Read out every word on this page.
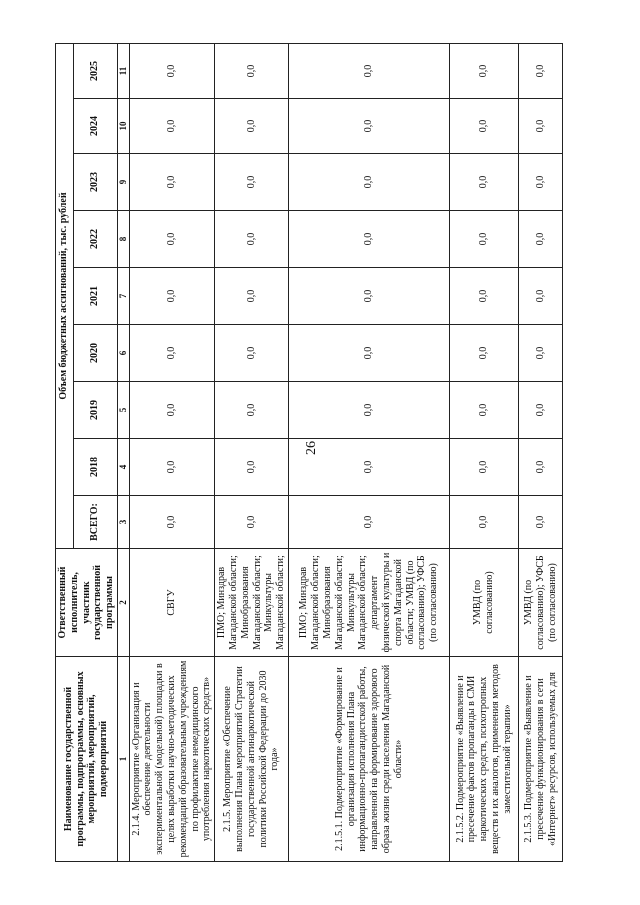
26
Наименование государственной программы, подпрограммы, основных мероприятий, мероприятий, подмероприятий	Ответственный исполнитель, участник государственной программы	Объем бюджетных ассигнований, тыс. рублей								
		ВСЕГО:	2018	2019	2020	2021	2022	2023	2024	2025
1	2	3	4	5	6	7	8	9	10	11
2.1.4. Мероприятие «Организация и обеспечение деятельности экспериментальной (модельной) площадки в целях выработки научно-методических рекомендаций образовательным учреждениям по профилактике немедицинского употребления наркотических средств»	СВГУ	0,0	0,0	0,0	0,0	0,0	0,0	0,0	0,0	0,0
2.1.5. Мероприятие «Обеспечение выполнения Плана мероприятий Стратегии государственной антинаркотической политики Российской Федерации до 2030 года»	ПМО; Минздрав Магаданской области; Минобразования Магаданской области; Минкультуры Магаданской области;	0,0	0,0	0,0	0,0	0,0	0,0	0,0	0,0	0,0
2.1.5.1. Подмероприятие «Формирование и организация исполнения Плана информационно-пропагандистской работы, направленной на формирование здорового образа жизни среди населения Магаданской области»	ПМО; Минздрав Магаданской области; Минобразования Магаданской области; Минкультуры Магаданской области; департамент физической культуры и спорта Магаданской области; УМВД (по согласованию); УФСБ (по согласованию)	0,0	0,0	0,0	0,0	0,0	0,0	0,0	0,0	0,0
2.1.5.2. Подмероприятие «Выявление и пресечение фактов пропаганды в СМИ наркотических средств, психотропных веществ и их аналогов, применения методов заместительной терапии»	УМВД (по согласованию)	0,0	0,0	0,0	0,0	0,0	0,0	0,0	0,0	0,0
2.1.5.3. Подмероприятие «Выявление и пресечение функционирования в сети «Интернет» ресурсов, используемых для	УМВД (по согласованию); УФСБ (по согласованию)	0,0	0,0	0,0	0,0	0,0	0,0	0,0	0,0	0,0
